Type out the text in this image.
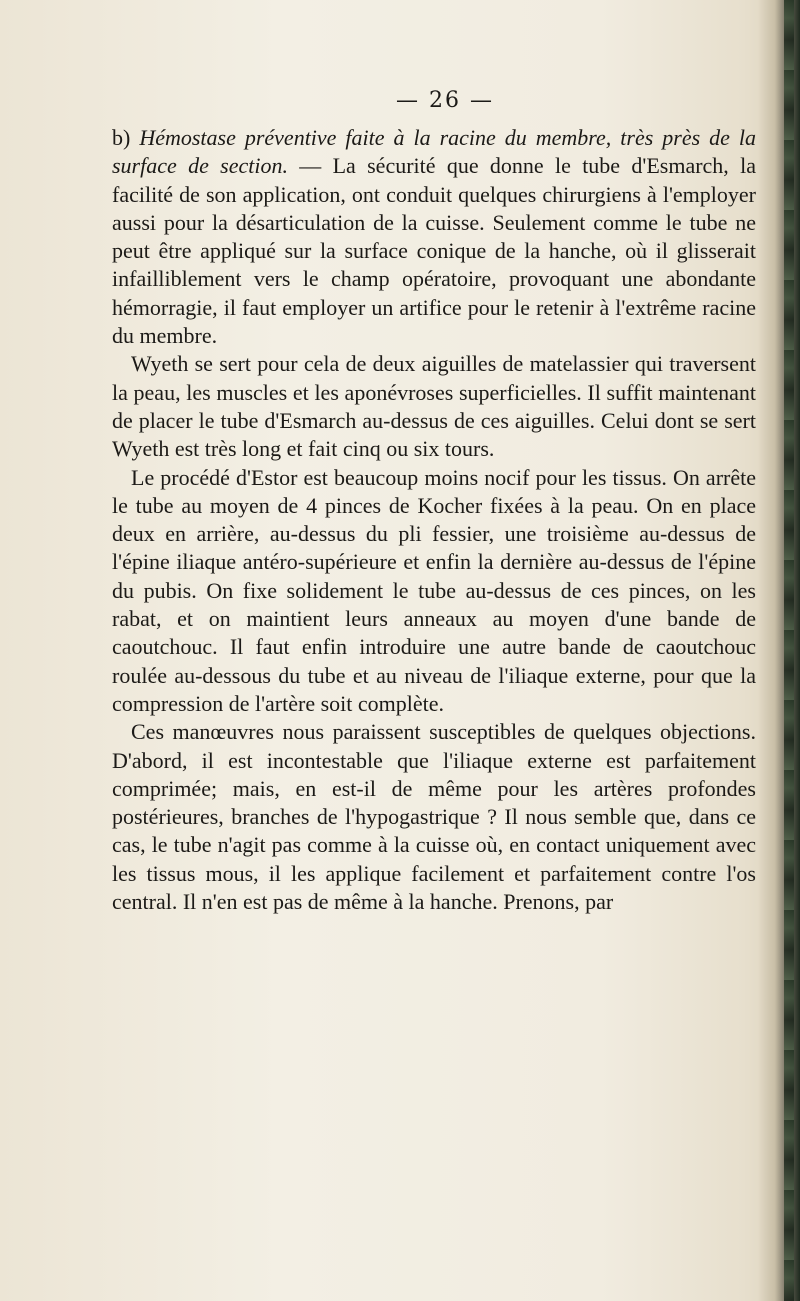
— 26 —

b) Hémostase préventive faite à la racine du membre, très près de la surface de section. — La sécurité que donne le tube d'Esmarch, la facilité de son application, ont conduit quelques chirurgiens à l'employer aussi pour la désarticulation de la cuisse. Seulement comme le tube ne peut être appliqué sur la surface conique de la hanche, où il glisserait infailliblement vers le champ opératoire, provoquant une abondante hémorragie, il faut employer un artifice pour le retenir à l'extrême racine du membre.

Wyeth se sert pour cela de deux aiguilles de matelassier qui traversent la peau, les muscles et les aponévroses superficielles. Il suffit maintenant de placer le tube d'Esmarch au-dessus de ces aiguilles. Celui dont se sert Wyeth est très long et fait cinq ou six tours.

Le procédé d'Estor est beaucoup moins nocif pour les tissus. On arrête le tube au moyen de 4 pinces de Kocher fixées à la peau. On en place deux en arrière, au-dessus du pli fessier, une troisième au-dessus de l'épine iliaque antéro-supérieure et enfin la dernière au-dessus de l'épine du pubis. On fixe solidement le tube au-dessus de ces pinces, on les rabat, et on maintient leurs anneaux au moyen d'une bande de caoutchouc. Il faut enfin introduire une autre bande de caoutchouc roulée au-dessous du tube et au niveau de l'iliaque externe, pour que la compression de l'artère soit complète.

Ces manœuvres nous paraissent susceptibles de quelques objections. D'abord, il est incontestable que l'iliaque externe est parfaitement comprimée; mais, en est-il de même pour les artères profondes postérieures, branches de l'hypogastrique ? Il nous semble que, dans ce cas, le tube n'agit pas comme à la cuisse où, en contact uniquement avec les tissus mous, il les applique facilement et parfaitement contre l'os central. Il n'en est pas de même à la hanche. Prenons, par
